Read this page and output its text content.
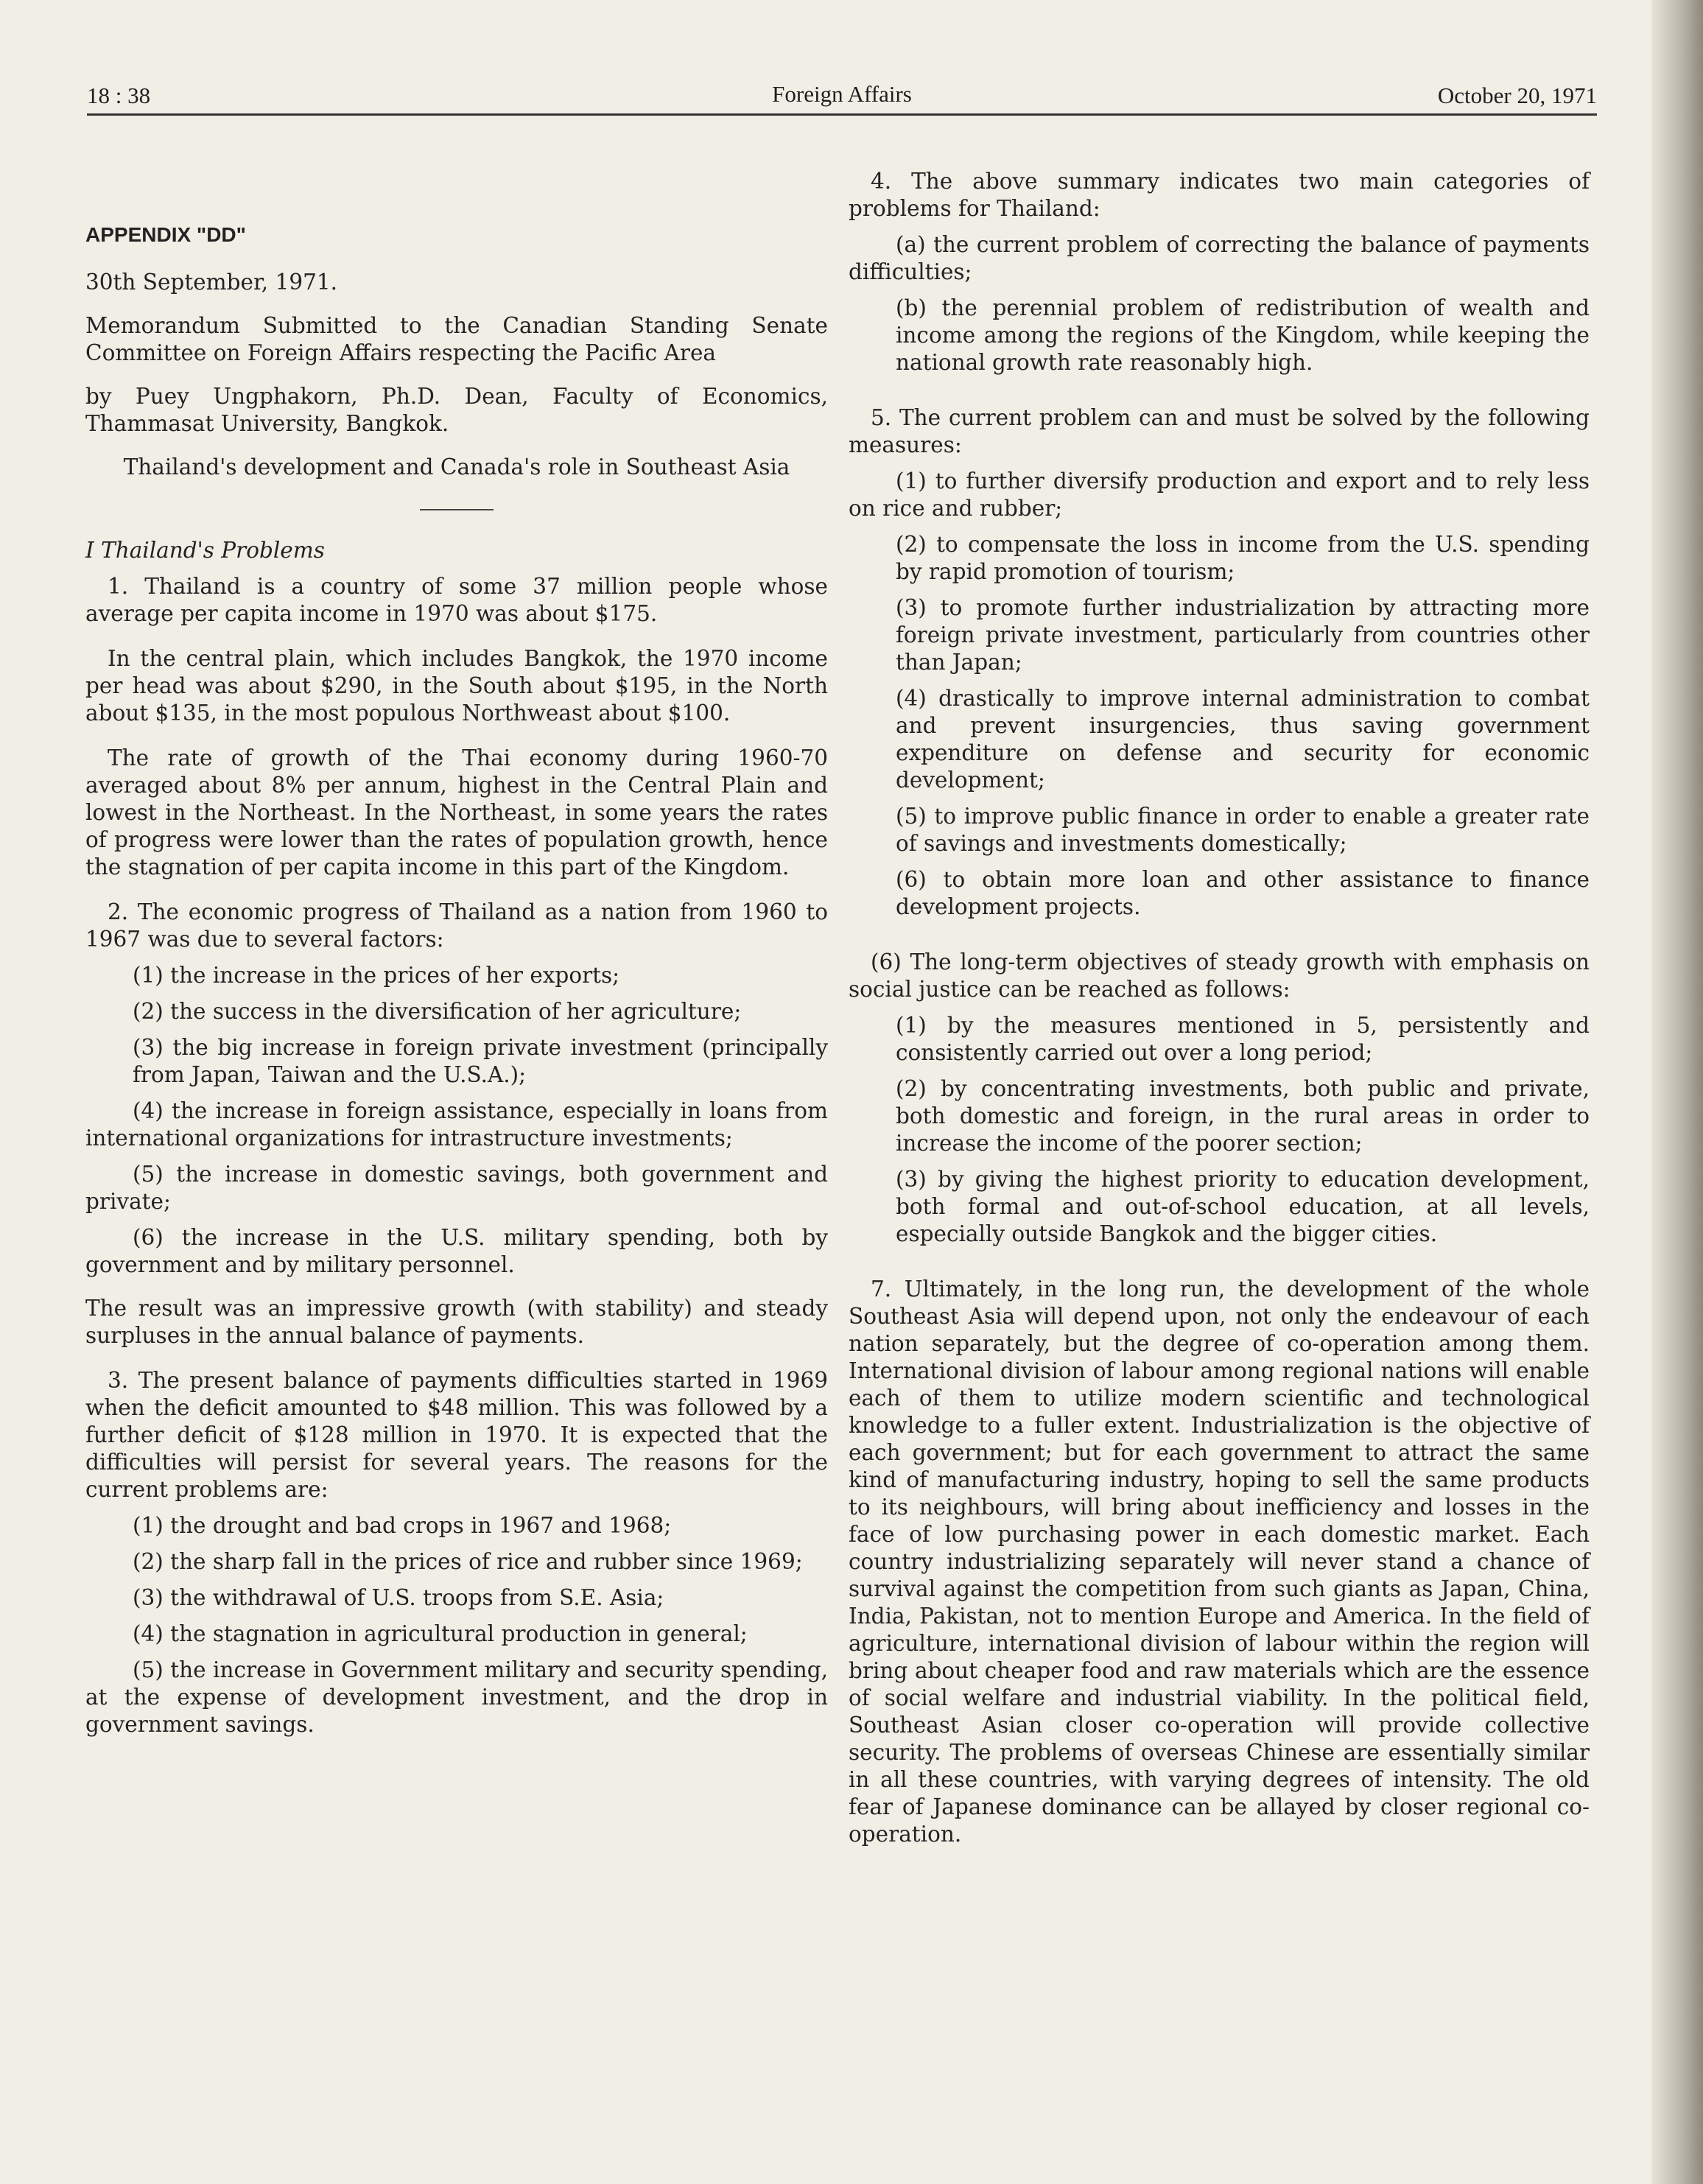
18 : 38	Foreign Affairs	October 20, 1971
APPENDIX "DD"

30th September, 1971.

Memorandum Submitted to the Canadian Standing Senate Committee on Foreign Affairs respecting the Pacific Area

by Puey Ungphakorn, Ph.D. Dean, Faculty of Economics, Thammasat University, Bangkok.

Thailand's development and Canada's role in Southeast Asia

I Thailand's Problems

1. Thailand is a country of some 37 million people whose average per capita income in 1970 was about $175.

In the central plain, which includes Bangkok, the 1970 income per head was about $290, in the South about $195, in the North about $135, in the most populous Northweast about $100.

The rate of growth of the Thai economy during 1960-70 averaged about 8% per annum, highest in the Central Plain and lowest in the Northeast. In the Northeast, in some years the rates of progress were lower than the rates of population growth, hence the stagnation of per capita income in this part of the Kingdom.

2. The economic progress of Thailand as a nation from 1960 to 1967 was due to several factors:

(1) the increase in the prices of her exports;

(2) the success in the diversification of her agriculture;

(3) the big increase in foreign private investment (principally from Japan, Taiwan and the U.S.A.);

(4) the increase in foreign assistance, especially in loans from international organizations for intrastructure investments;

(5) the increase in domestic savings, both government and private;

(6) the increase in the U.S. military spending, both by government and by military personnel.

The result was an impressive growth (with stability) and steady surpluses in the annual balance of payments.

3. The present balance of payments difficulties started in 1969 when the deficit amounted to $48 million. This was followed by a further deficit of $128 million in 1970. It is expected that the difficulties will persist for several years. The reasons for the current problems are:

(1) the drought and bad crops in 1967 and 1968;

(2) the sharp fall in the prices of rice and rubber since 1969;

(3) the withdrawal of U.S. troops from S.E. Asia;

(4) the stagnation in agricultural production in general;

(5) the increase in Government military and security spending, at the expense of development investment, and the drop in government savings.

4. The above summary indicates two main categories of problems for Thailand:

(a) the current problem of correcting the balance of payments difficulties;

(b) the perennial problem of redistribution of wealth and income among the regions of the Kingdom, while keeping the national growth rate reasonably high.

5. The current problem can and must be solved by the following measures:

(1) to further diversify production and export and to rely less on rice and rubber;

(2) to compensate the loss in income from the U.S. spending by rapid promotion of tourism;

(3) to promote further industrialization by attracting more foreign private investment, particularly from countries other than Japan;

(4) drastically to improve internal administration to combat and prevent insurgencies, thus saving government expenditure on defense and security for economic development;

(5) to improve public finance in order to enable a greater rate of savings and investments domestically;

(6) to obtain more loan and other assistance to finance development projects.

(6) The long-term objectives of steady growth with emphasis on social justice can be reached as follows:

(1) by the measures mentioned in 5, persistently and consistently carried out over a long period;

(2) by concentrating investments, both public and private, both domestic and foreign, in the rural areas in order to increase the income of the poorer section;

(3) by giving the highest priority to education development, both formal and out-of-school education, at all levels, especially outside Bangkok and the bigger cities.

7. Ultimately, in the long run, the development of the whole Southeast Asia will depend upon, not only the endeavour of each nation separately, but the degree of co-operation among them. International division of labour among regional nations will enable each of them to utilize modern scientific and technological knowledge to a fuller extent. Industrialization is the objective of each government; but for each government to attract the same kind of manufacturing industry, hoping to sell the same products to its neighbours, will bring about inefficiency and losses in the face of low purchasing power in each domestic market. Each country industrializing separately will never stand a chance of survival against the competition from such giants as Japan, China, India, Pakistan, not to mention Europe and America. In the field of agriculture, international division of labour within the region will bring about cheaper food and raw materials which are the essence of social welfare and industrial viability. In the political field, Southeast Asian closer co-operation will provide collective security. The problems of overseas Chinese are essentially similar in all these countries, with varying degrees of intensity. The old fear of Japanese dominance can be allayed by closer regional co-operation.
